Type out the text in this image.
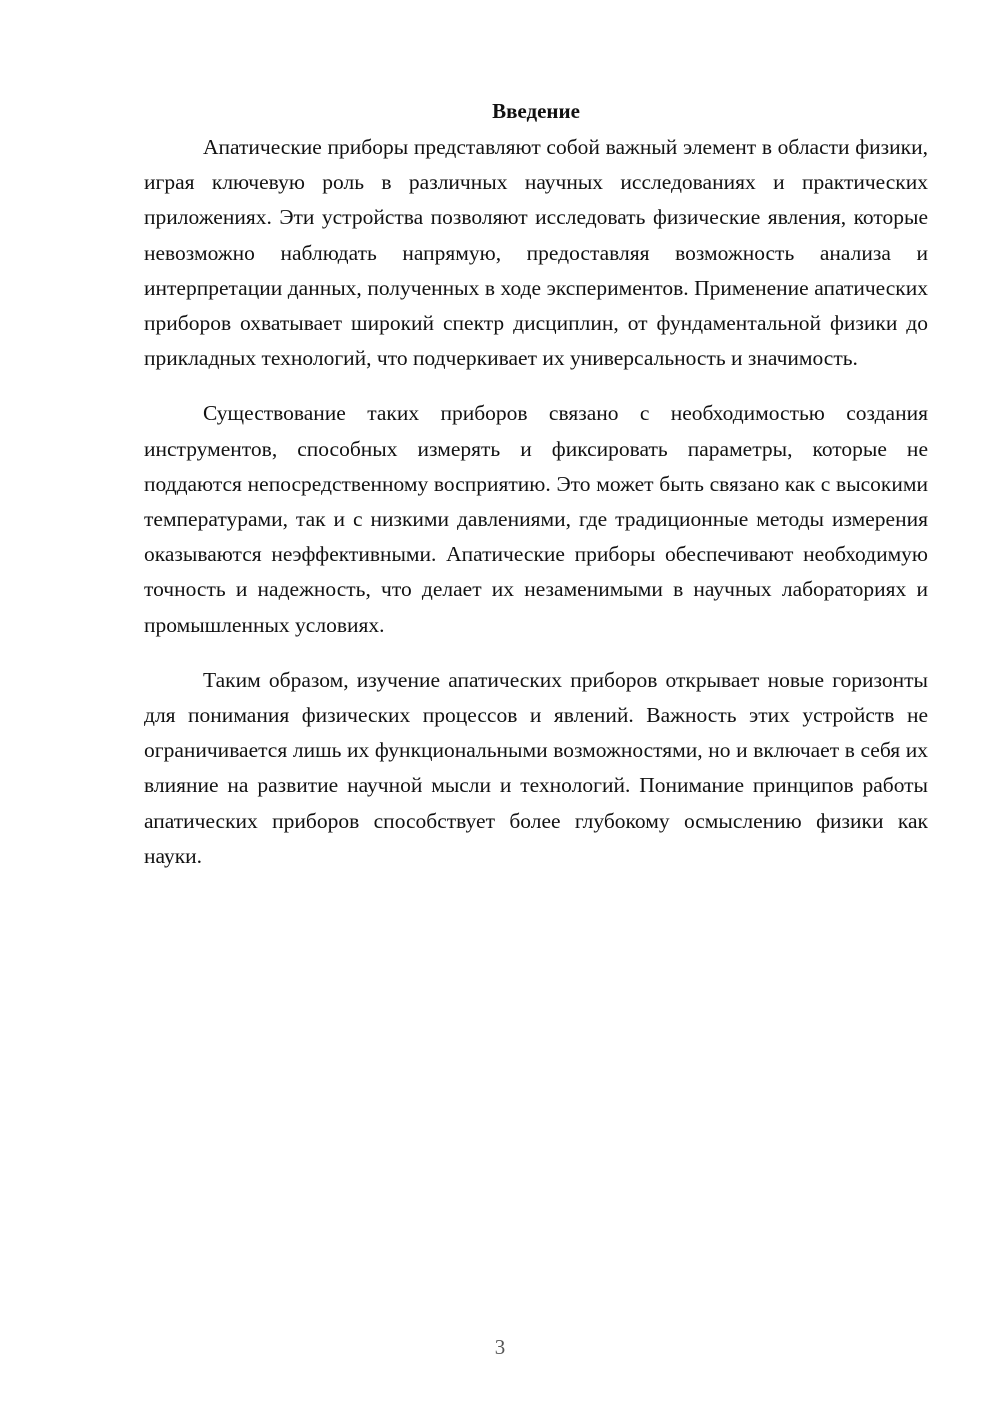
Введение

Апатические приборы представляют собой важный элемент в области физики, играя ключевую роль в различных научных исследованиях и практических приложениях. Эти устройства позволяют исследовать физические явления, которые невозможно наблюдать напрямую, предоставляя возможность анализа и интерпретации данных, полученных в ходе экспериментов. Применение апатических приборов охватывает широкий спектр дисциплин, от фундаментальной физики до прикладных технологий, что подчеркивает их универсальность и значимость.

Существование таких приборов связано с необходимостью создания инструментов, способных измерять и фиксировать параметры, которые не поддаются непосредственному восприятию. Это может быть связано как с высокими температурами, так и с низкими давлениями, где традиционные методы измерения оказываются неэффективными. Апатические приборы обеспечивают необходимую точность и надежность, что делает их незаменимыми в научных лабораториях и промышленных условиях.

Таким образом, изучение апатических приборов открывает новые горизонты для понимания физических процессов и явлений. Важность этих устройств не ограничивается лишь их функциональными возможностями, но и включает в себя их влияние на развитие научной мысли и технологий. Понимание принципов работы апатических приборов способствует более глубокому осмыслению физики как науки.

3
